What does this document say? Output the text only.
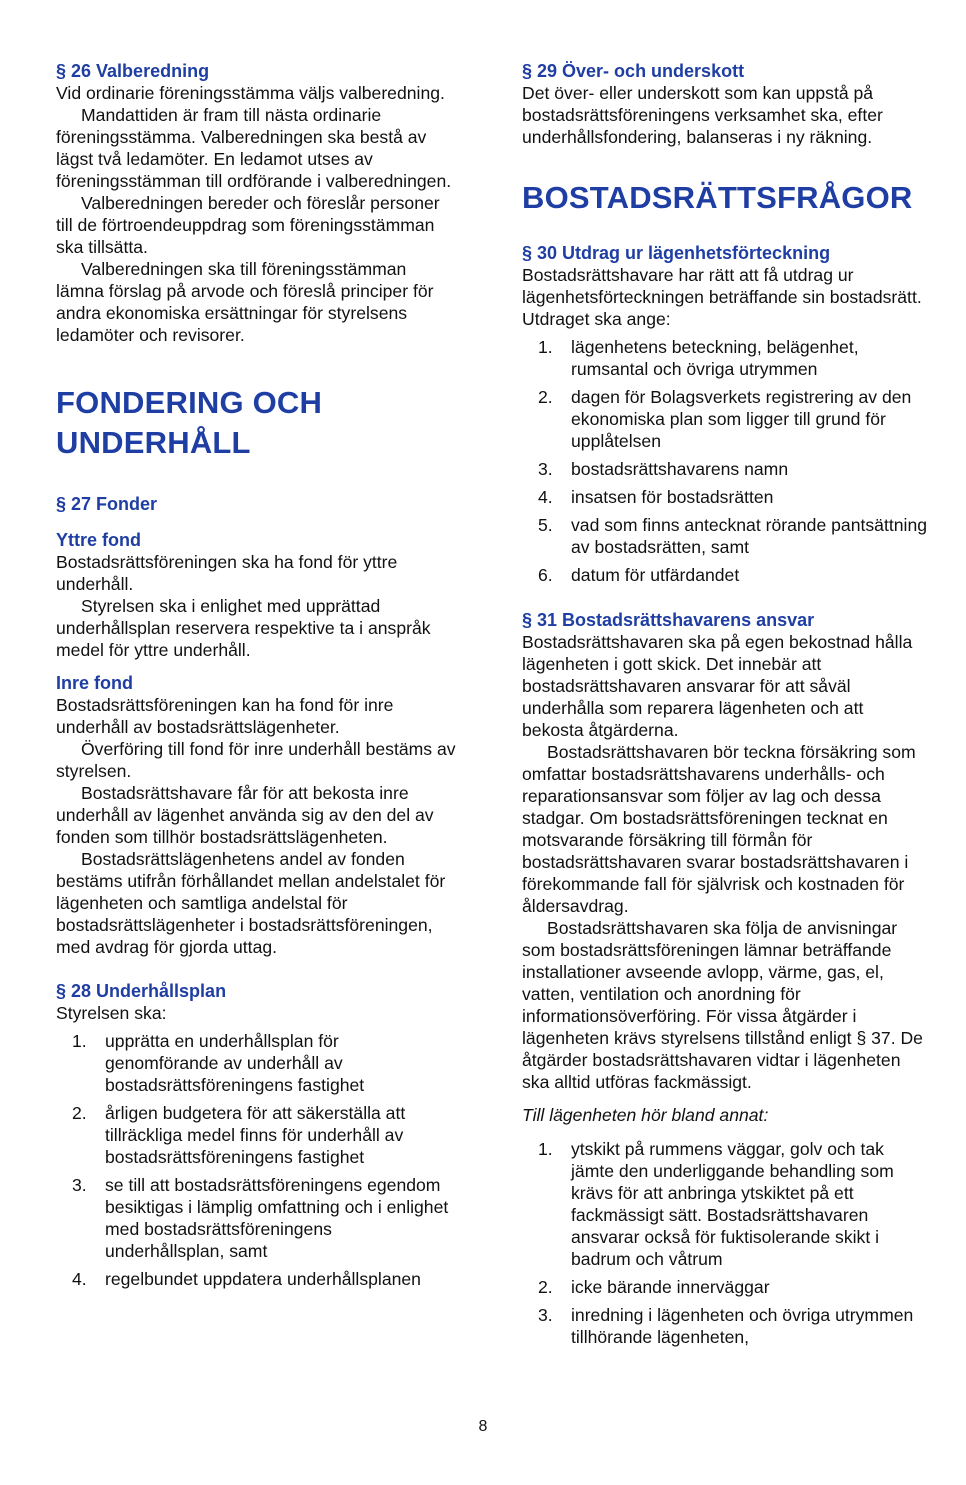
§ 26 Valberedning

Vid ordinarie föreningsstämma väljs valberedning.

Mandattiden är fram till nästa ordinarie föreningsstämma. Valberedningen ska bestå av lägst två ledamöter. En ledamot utses av föreningsstämman till ordförande i valberedningen.

Valberedningen bereder och föreslår personer till de förtroendeuppdrag som föreningsstämman ska tillsätta.

Valberedningen ska till föreningsstämman lämna förslag på arvode och föreslå principer för andra ekonomiska ersättningar för styrelsens ledamöter och revisorer.

FONDERING OCH
UNDERHÅLL
§ 27 Fonder
Yttre fond

Bostadsrättsföreningen ska ha fond för yttre underhåll.

Styrelsen ska i enlighet med upprättad underhållsplan reservera respektive ta i anspråk medel för yttre underhåll.

Inre fond

Bostadsrättsföreningen kan ha fond för inre underhåll av bostadsrättslägenheter.

Överföring till fond för inre underhåll bestäms av styrelsen.

Bostadsrättshavare får för att bekosta inre underhåll av lägenhet använda sig av den del av fonden som tillhör bostadsrättslägenheten.

Bostadsrättslägenhetens andel av fonden bestäms utifrån förhållandet mellan andelstalet för lägenheten och samtliga andelstal för bostadsrättslägenheter i bostadsrättsföreningen, med avdrag för gjorda uttag.

§ 28 Underhållsplan

Styrelsen ska:

1. upprätta en underhållsplan för genomförande av underhåll av bostadsrättsföreningens fastighet
2. årligen budgetera för att säkerställa att tillräckliga medel finns för underhåll av bostadsrättsföreningens fastighet
3. se till att bostadsrättsföreningens egendom besiktigas i lämplig omfattning och i enlighet med bostadsrättsföreningens underhållsplan, samt
4. regelbundet uppdatera underhållsplanen
§ 29 Över- och underskott

Det över- eller underskott som kan uppstå på bostadsrättsföreningens verksamhet ska, efter underhållsfondering, balanseras i ny räkning.

BOSTADSRÄTTSFRÅGOR
§ 30 Utdrag ur lägenhetsförteckning

Bostadsrättshavare har rätt att få utdrag ur lägenhetsförteckningen beträffande sin bostadsrätt. Utdraget ska ange:

1. lägenhetens beteckning, belägenhet, rumsantal och övriga utrymmen
2. dagen för Bolagsverkets registrering av den ekonomiska plan som ligger till grund för upplåtelsen
3. bostadsrättshavarens namn
4. insatsen för bostadsrätten
5. vad som finns antecknat rörande pantsättning av bostadsrätten, samt
6. datum för utfärdandet
§ 31 Bostadsrättshavarens ansvar

Bostadsrättshavaren ska på egen bekostnad hålla lägenheten i gott skick. Det innebär att bostadsrättshavaren ansvarar för att såväl underhålla som reparera lägenheten och att bekosta åtgärderna.

Bostadsrättshavaren bör teckna försäkring som omfattar bostadsrättshavarens underhålls- och reparationsansvar som följer av lag och dessa stadgar. Om bostadsrättsföreningen tecknat en motsvarande försäkring till förmån för bostadsrättshavaren svarar bostadsrättshavaren i förekommande fall för självrisk och kostnaden för åldersavdrag.

Bostadsrättshavaren ska följa de anvisningar som bostadsrättsföreningen lämnar beträffande installationer avseende avlopp, värme, gas, el, vatten, ventilation och anordning för informationsöverföring. För vissa åtgärder i lägenheten krävs styrelsens tillstånd enligt § 37. De åtgärder bostadsrättshavaren vidtar i lägenheten ska alltid utföras fackmässigt.

Till lägenheten hör bland annat:

1. ytskikt på rummens väggar, golv och tak jämte den underliggande behandling som krävs för att anbringa ytskiktet på ett fackmässigt sätt. Bostadsrättshavaren ansvarar också för fuktisolerande skikt i badrum och våtrum
2. icke bärande innerväggar
3. inredning i lägenheten och övriga utrymmen tillhörande lägenheten,
8
